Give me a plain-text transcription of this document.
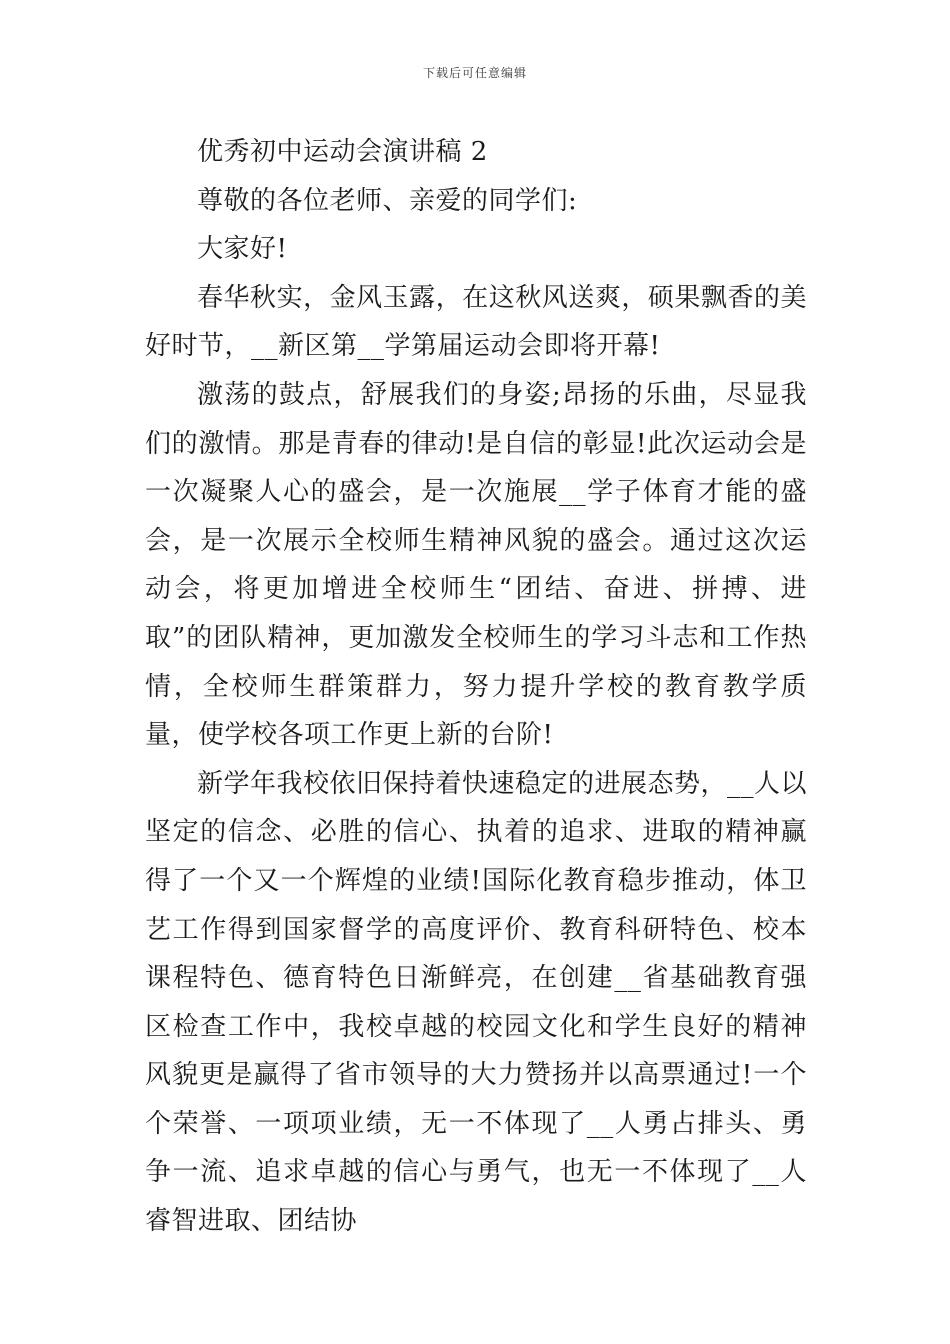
下载后可任意编辑

优秀初中运动会演讲稿 2

尊敬的各位老师、亲爱的同学们:

大家好!

春华秋实，金风玉露，在这秋风送爽，硕果飘香的美好时节，__新区第__学第届运动会即将开幕!

激荡的鼓点，舒展我们的身姿;昂扬的乐曲，尽显我们的激情。那是青春的律动!是自信的彰显!此次运动会是一次凝聚人心的盛会，是一次施展__学子体育才能的盛会，是一次展示全校师生精神风貌的盛会。通过这次运动会，将更加增进全校师生“团结、奋进、拼搏、进取”的团队精神，更加激发全校师生的学习斗志和工作热情，全校师生群策群力，努力提升学校的教育教学质量，使学校各项工作更上新的台阶!

新学年我校依旧保持着快速稳定的进展态势，__人以坚定的信念、必胜的信心、执着的追求、进取的精神赢得了一个又一个辉煌的业绩!国际化教育稳步推动，体卫艺工作得到国家督学的高度评价、教育科研特色、校本课程特色、德育特色日渐鲜亮，在创建__省基础教育强区检查工作中，我校卓越的校园文化和学生良好的精神风貌更是赢得了省市领导的大力赞扬并以高票通过!一个个荣誉、一项项业绩，无一不体现了__人勇占排头、勇争一流、追求卓越的信心与勇气，也无一不体现了__人睿智进取、团结协
